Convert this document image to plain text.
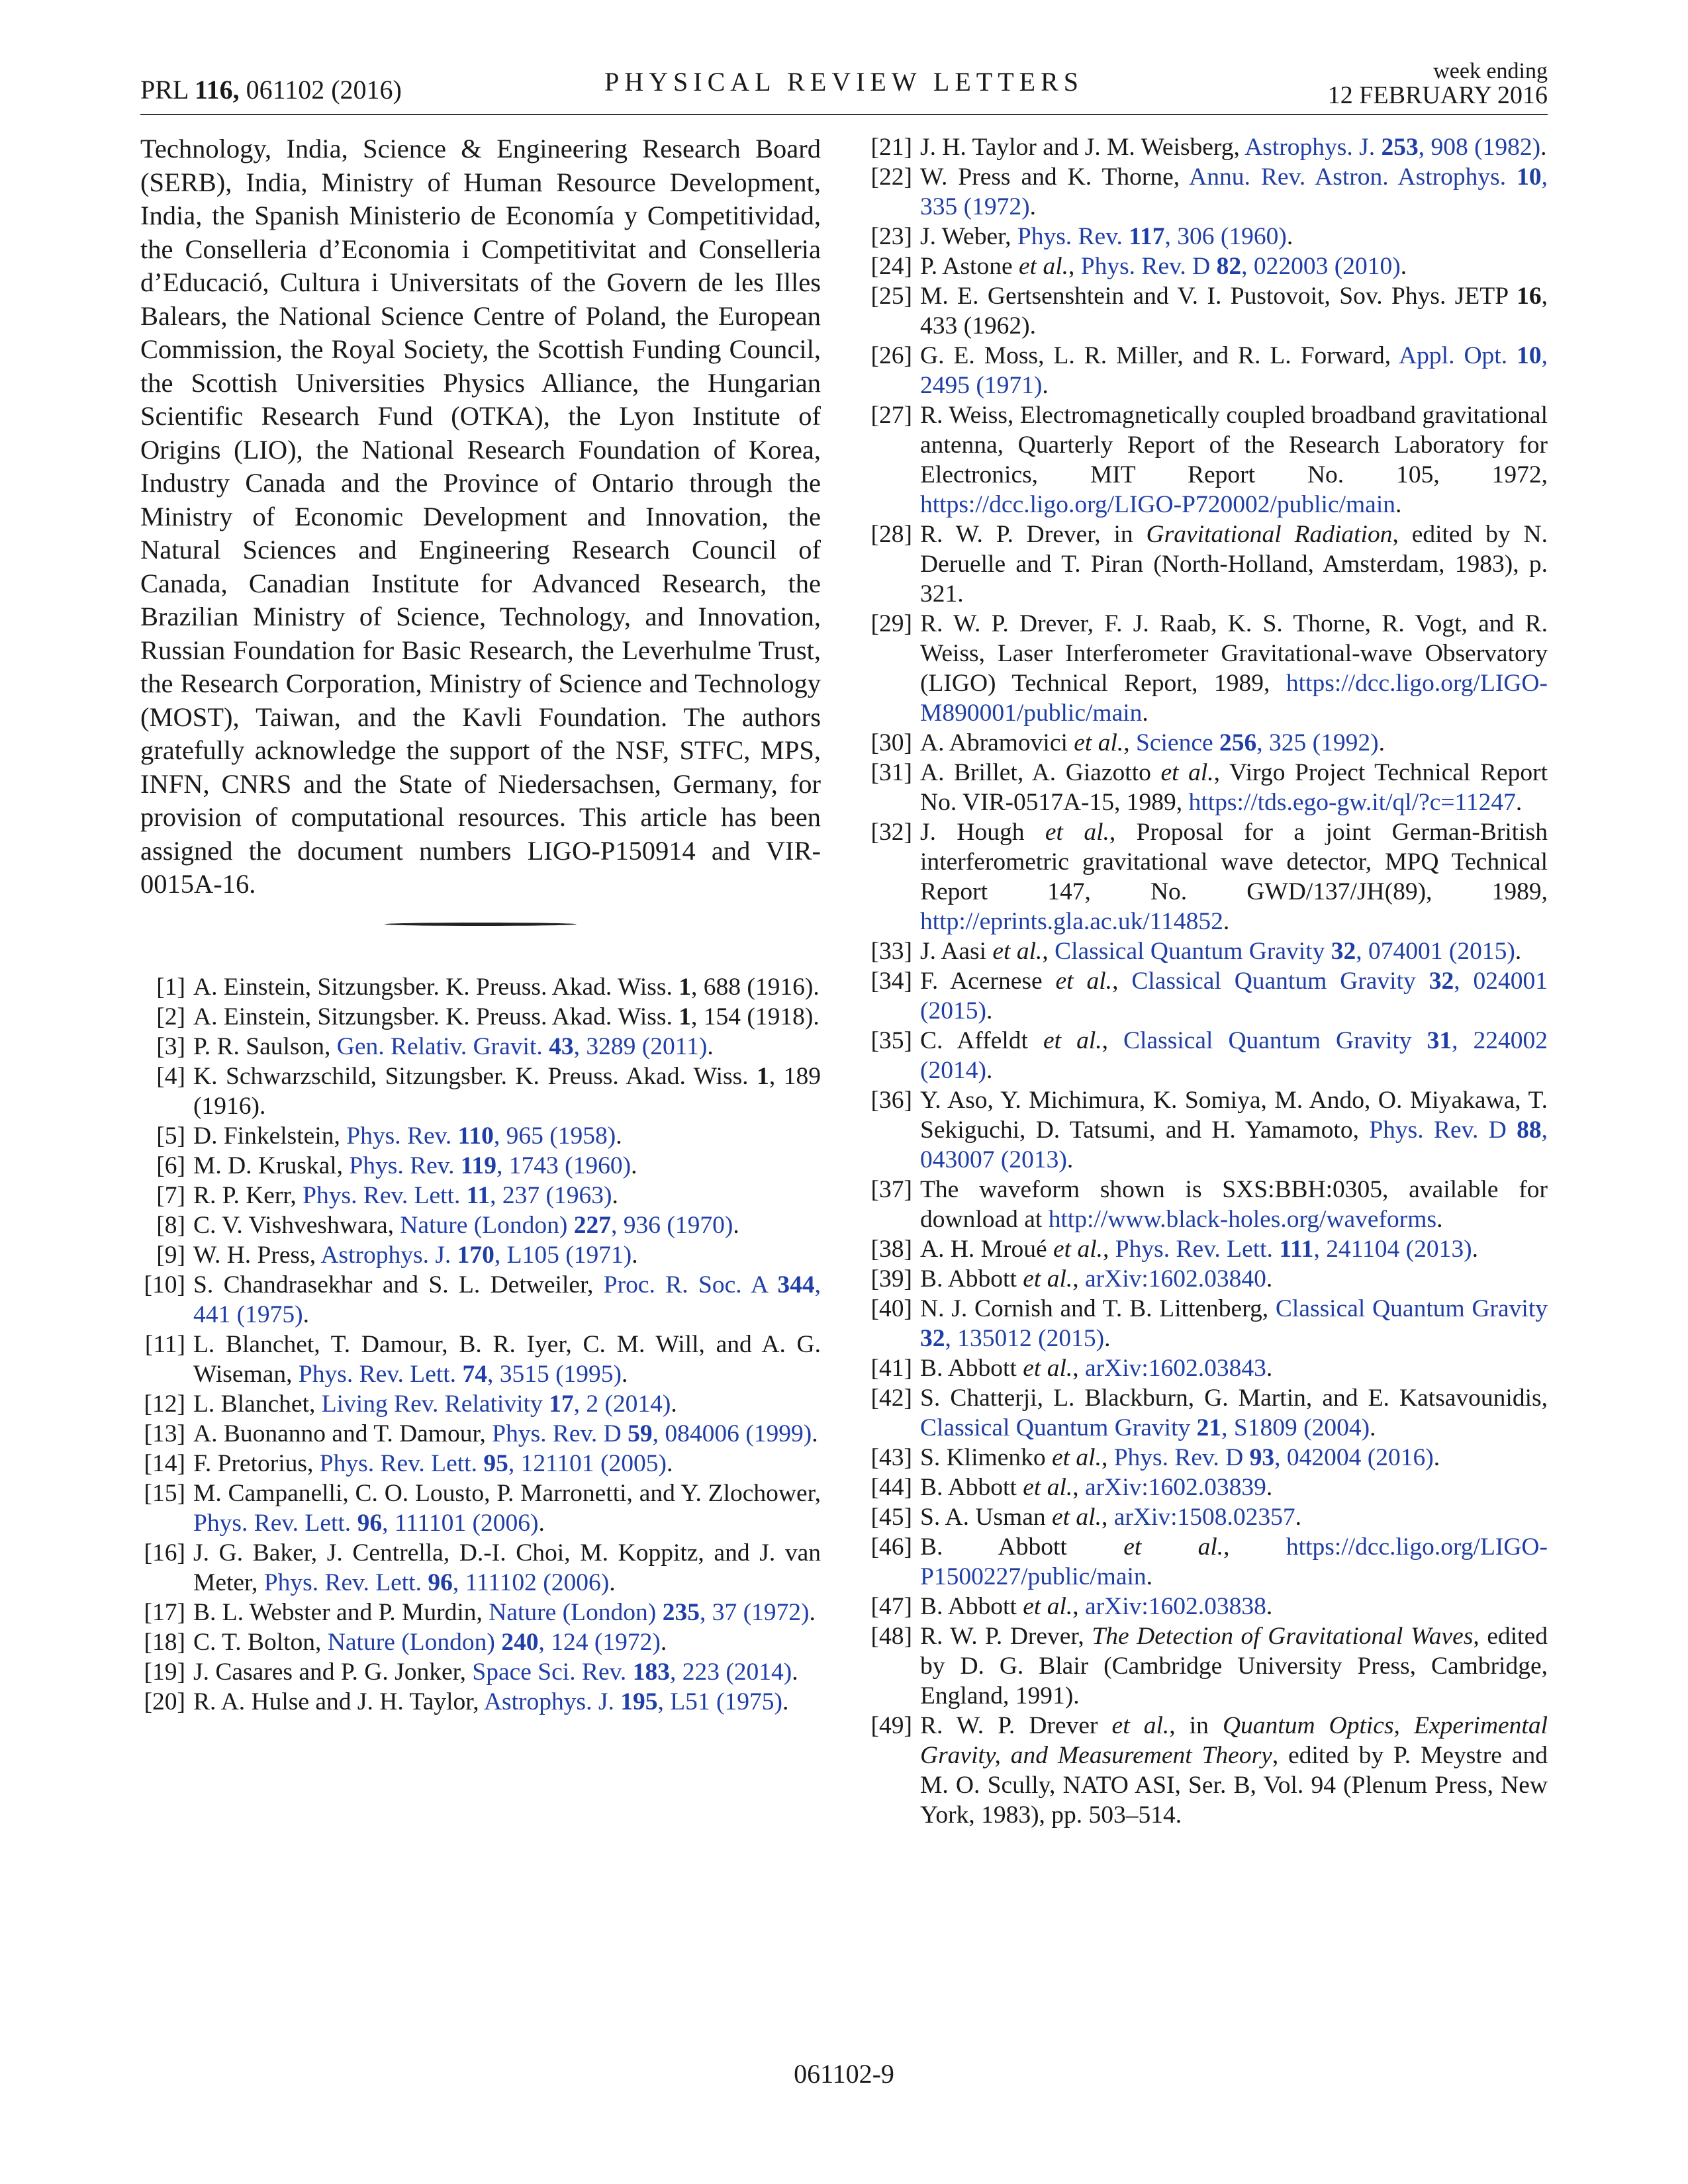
PRL 116, 061102 (2016)	PHYSICAL REVIEW LETTERS	week ending
12 FEBRUARY 2016

Technology, India, Science & Engineering Research Board (SERB), India, Ministry of Human Resource Development, India, the Spanish Ministerio de Economía y Competitividad, the Conselleria d’Economia i Competitivitat and Conselleria d’Educació, Cultura i Universitats of the Govern de les Illes Balears, the National Science Centre of Poland, the European Commission, the Royal Society, the Scottish Funding Council, the Scottish Universities Physics Alliance, the Hungarian Scientific Research Fund (OTKA), the Lyon Institute of Origins (LIO), the National Research Foundation of Korea, Industry Canada and the Province of Ontario through the Ministry of Economic Development and Innovation, the Natural Sciences and Engineering Research Council of Canada, Canadian Institute for Advanced Research, the Brazilian Ministry of Science, Technology, and Innovation, Russian Foundation for Basic Research, the Leverhulme Trust, the Research Corporation, Ministry of Science and Technology (MOST), Taiwan, and the Kavli Foundation. The authors gratefully acknowledge the support of the NSF, STFC, MPS, INFN, CNRS and the State of Niedersachsen, Germany, for provision of computational resources. This article has been assigned the document numbers LIGO-P150914 and VIR-0015A-16.

[1] A. Einstein, Sitzungsber. K. Preuss. Akad. Wiss. 1, 688 (1916).
[2] A. Einstein, Sitzungsber. K. Preuss. Akad. Wiss. 1, 154 (1918).
[3] P. R. Saulson, Gen. Relativ. Gravit. 43, 3289 (2011).
[4] K. Schwarzschild, Sitzungsber. K. Preuss. Akad. Wiss. 1, 189 (1916).
[5] D. Finkelstein, Phys. Rev. 110, 965 (1958).
[6] M. D. Kruskal, Phys. Rev. 119, 1743 (1960).
[7] R. P. Kerr, Phys. Rev. Lett. 11, 237 (1963).
[8] C. V. Vishveshwara, Nature (London) 227, 936 (1970).
[9] W. H. Press, Astrophys. J. 170, L105 (1971).
[10] S. Chandrasekhar and S. L. Detweiler, Proc. R. Soc. A 344, 441 (1975).
[11] L. Blanchet, T. Damour, B. R. Iyer, C. M. Will, and A. G. Wiseman, Phys. Rev. Lett. 74, 3515 (1995).
[12] L. Blanchet, Living Rev. Relativity 17, 2 (2014).
[13] A. Buonanno and T. Damour, Phys. Rev. D 59, 084006 (1999).
[14] F. Pretorius, Phys. Rev. Lett. 95, 121101 (2005).
[15] M. Campanelli, C. O. Lousto, P. Marronetti, and Y. Zlochower, Phys. Rev. Lett. 96, 111101 (2006).
[16] J. G. Baker, J. Centrella, D.-I. Choi, M. Koppitz, and J. van Meter, Phys. Rev. Lett. 96, 111102 (2006).
[17] B. L. Webster and P. Murdin, Nature (London) 235, 37 (1972).
[18] C. T. Bolton, Nature (London) 240, 124 (1972).
[19] J. Casares and P. G. Jonker, Space Sci. Rev. 183, 223 (2014).
[20] R. A. Hulse and J. H. Taylor, Astrophys. J. 195, L51 (1975).
[21] J. H. Taylor and J. M. Weisberg, Astrophys. J. 253, 908 (1982).
[22] W. Press and K. Thorne, Annu. Rev. Astron. Astrophys. 10, 335 (1972).
[23] J. Weber, Phys. Rev. 117, 306 (1960).
[24] P. Astone et al., Phys. Rev. D 82, 022003 (2010).
[25] M. E. Gertsenshtein and V. I. Pustovoit, Sov. Phys. JETP 16, 433 (1962).
[26] G. E. Moss, L. R. Miller, and R. L. Forward, Appl. Opt. 10, 2495 (1971).
[27] R. Weiss, Electromagnetically coupled broadband gravitational antenna, Quarterly Report of the Research Laboratory for Electronics, MIT Report No. 105, 1972, https://dcc.ligo.org/LIGO-P720002/public/main.
[28] R. W. P. Drever, in Gravitational Radiation, edited by N. Deruelle and T. Piran (North-Holland, Amsterdam, 1983), p. 321.
[29] R. W. P. Drever, F. J. Raab, K. S. Thorne, R. Vogt, and R. Weiss, Laser Interferometer Gravitational-wave Observatory (LIGO) Technical Report, 1989, https://dcc.ligo.org/LIGO-M890001/public/main.
[30] A. Abramovici et al., Science 256, 325 (1992).
[31] A. Brillet, A. Giazotto et al., Virgo Project Technical Report No. VIR-0517A-15, 1989, https://tds.ego-gw.it/ql/?c=11247.
[32] J. Hough et al., Proposal for a joint German-British interferometric gravitational wave detector, MPQ Technical Report 147, No. GWD/137/JH(89), 1989, http://eprints.gla.ac.uk/114852.
[33] J. Aasi et al., Classical Quantum Gravity 32, 074001 (2015).
[34] F. Acernese et al., Classical Quantum Gravity 32, 024001 (2015).
[35] C. Affeldt et al., Classical Quantum Gravity 31, 224002 (2014).
[36] Y. Aso, Y. Michimura, K. Somiya, M. Ando, O. Miyakawa, T. Sekiguchi, D. Tatsumi, and H. Yamamoto, Phys. Rev. D 88, 043007 (2013).
[37] The waveform shown is SXS:BBH:0305, available for download at http://www.black-holes.org/waveforms.
[38] A. H. Mroué et al., Phys. Rev. Lett. 111, 241104 (2013).
[39] B. Abbott et al., arXiv:1602.03840.
[40] N. J. Cornish and T. B. Littenberg, Classical Quantum Gravity 32, 135012 (2015).
[41] B. Abbott et al., arXiv:1602.03843.
[42] S. Chatterji, L. Blackburn, G. Martin, and E. Katsavounidis, Classical Quantum Gravity 21, S1809 (2004).
[43] S. Klimenko et al., Phys. Rev. D 93, 042004 (2016).
[44] B. Abbott et al., arXiv:1602.03839.
[45] S. A. Usman et al., arXiv:1508.02357.
[46] B. Abbott et al., https://dcc.ligo.org/LIGO-P1500227/public/main.
[47] B. Abbott et al., arXiv:1602.03838.
[48] R. W. P. Drever, The Detection of Gravitational Waves, edited by D. G. Blair (Cambridge University Press, Cambridge, England, 1991).
[49] R. W. P. Drever et al., in Quantum Optics, Experimental Gravity, and Measurement Theory, edited by P. Meystre and M. O. Scully, NATO ASI, Ser. B, Vol. 94 (Plenum Press, New York, 1983), pp. 503–514.
061102-9
